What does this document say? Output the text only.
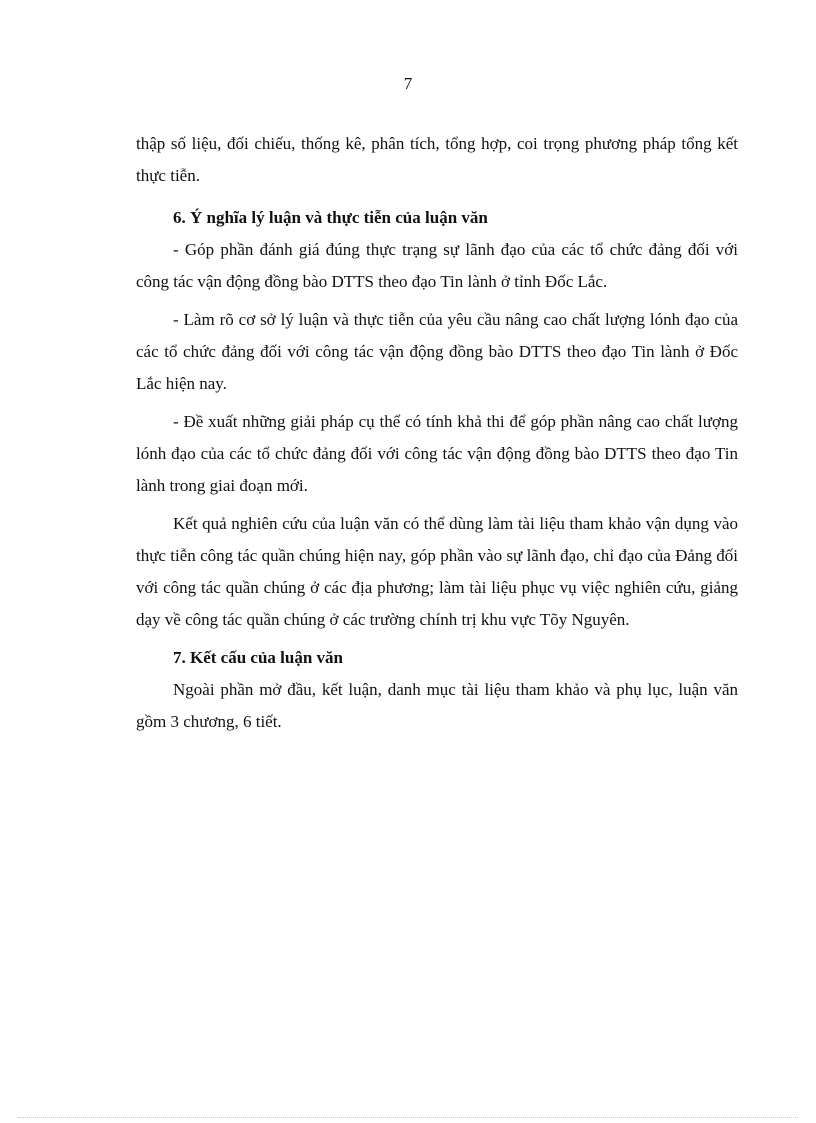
7

thập số liệu, đối chiếu, thống kê, phân tích, tổng hợp, coi trọng phương pháp tổng kết thực tiễn.

6. Ý nghĩa lý luận và thực tiễn của luận văn

- Góp phần đánh giá đúng thực trạng sự lãnh đạo của các tổ chức đảng đối với công tác vận động đồng bào DTTS theo đạo Tin lành ở tỉnh Đốc Lắc.

- Làm rõ cơ sở lý luận và thực tiễn của yêu cầu nâng cao chất lượng lónh đạo của các tổ chức đảng đối với công tác vận động đồng bào DTTS theo đạo Tin lành ở Đốc Lắc hiện nay.

- Đề xuất những giải pháp cụ thể có tính khả thi để góp phần nâng cao chất lượng lónh đạo của các tổ chức đảng đối với công tác vận động đồng bào DTTS theo đạo Tin lành trong giai đoạn mới.

Kết quả nghiên cứu của luận văn có thể dùng làm tài liệu tham khảo vận dụng vào thực tiễn công tác quần chúng hiện nay, góp phần vào sự lãnh đạo, chỉ đạo của Đảng đối với công tác quần chúng ở các địa phương; làm tài liệu phục vụ việc nghiên cứu, giảng dạy về công tác quần chúng ở các trường chính trị khu vực Tõy Nguyên.

7. Kết cấu của luận văn

Ngoài phần mở đầu, kết luận, danh mục tài liệu tham khảo và phụ lục, luận văn gồm 3 chương, 6 tiết.
